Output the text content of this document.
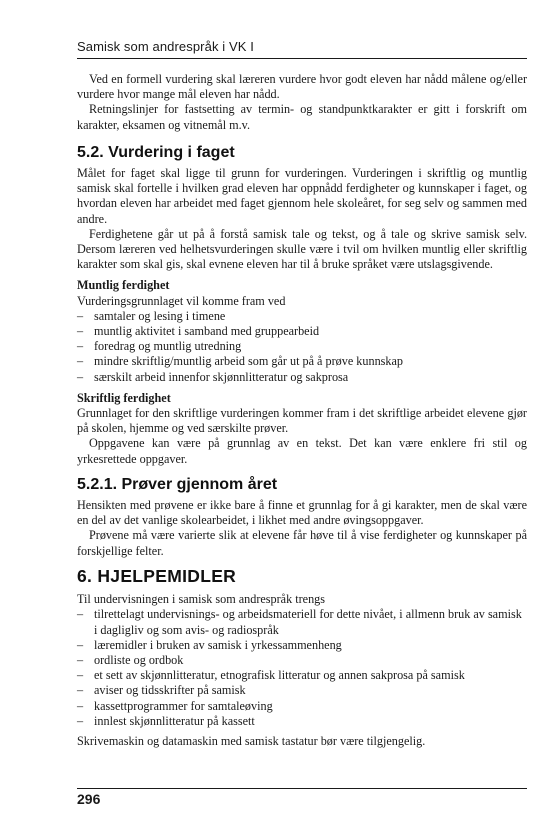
Samisk som andrespråk i VK I

Ved en formell vurdering skal læreren vurdere hvor godt eleven har nådd målene og/eller vurdere hvor mange mål eleven har nådd.

Retningslinjer for fastsetting av termin- og standpunktkarakter er gitt i forskrift om karakter, eksamen og vitnemål m.v.

5.2. Vurdering i faget

Målet for faget skal ligge til grunn for vurderingen. Vurderingen i skriftlig og muntlig samisk skal fortelle i hvilken grad eleven har oppnådd ferdigheter og kunnskaper i faget, og hvordan eleven har arbeidet med faget gjennom hele skoleåret, for seg selv og sammen med andre.

Ferdighetene går ut på å forstå samisk tale og tekst, og å tale og skrive samisk selv. Dersom læreren ved helhetsvurderingen skulle være i tvil om hvilken muntlig eller skriftlig karakter som skal gis, skal evnene eleven har til å bruke språket være utslagsgivende.

Muntlig ferdighet

Vurderingsgrunnlaget vil komme fram ved

– samtaler og lesing i timene
– muntlig aktivitet i samband med gruppearbeid
– foredrag og muntlig utredning
– mindre skriftlig/muntlig arbeid som går ut på å prøve kunnskap
– særskilt arbeid innenfor skjønnlitteratur og sakprosa
Skriftlig ferdighet

Grunnlaget for den skriftlige vurderingen kommer fram i det skriftlige arbeidet elevene gjør på skolen, hjemme og ved særskilte prøver.

Oppgavene kan være på grunnlag av en tekst. Det kan være enklere fri stil og yrkesrettede oppgaver.

5.2.1. Prøver gjennom året

Hensikten med prøvene er ikke bare å finne et grunnlag for å gi karakter, men de skal være en del av det vanlige skolearbeidet, i likhet med andre øvingsoppgaver.

Prøvene må være varierte slik at elevene får høve til å vise ferdigheter og kunnskaper på forskjellige felter.

6. HJELPEMIDLER

Til undervisningen i samisk som andrespråk trengs

– tilrettelagt undervisnings- og arbeidsmateriell for dette nivået, i allmenn bruk av samisk i dagligliv og som avis- og radiospråk
– læremidler i bruken av samisk i yrkessammenheng
– ordliste og ordbok
– et sett av skjønnlitteratur, etnografisk litteratur og annen sakprosa på samisk
– aviser og tidsskrifter på samisk
– kassettprogrammer for samtaleøving
– innlest skjønnlitteratur på kassett

Skrivemaskin og datamaskin med samisk tastatur bør være tilgjengelig.

296
